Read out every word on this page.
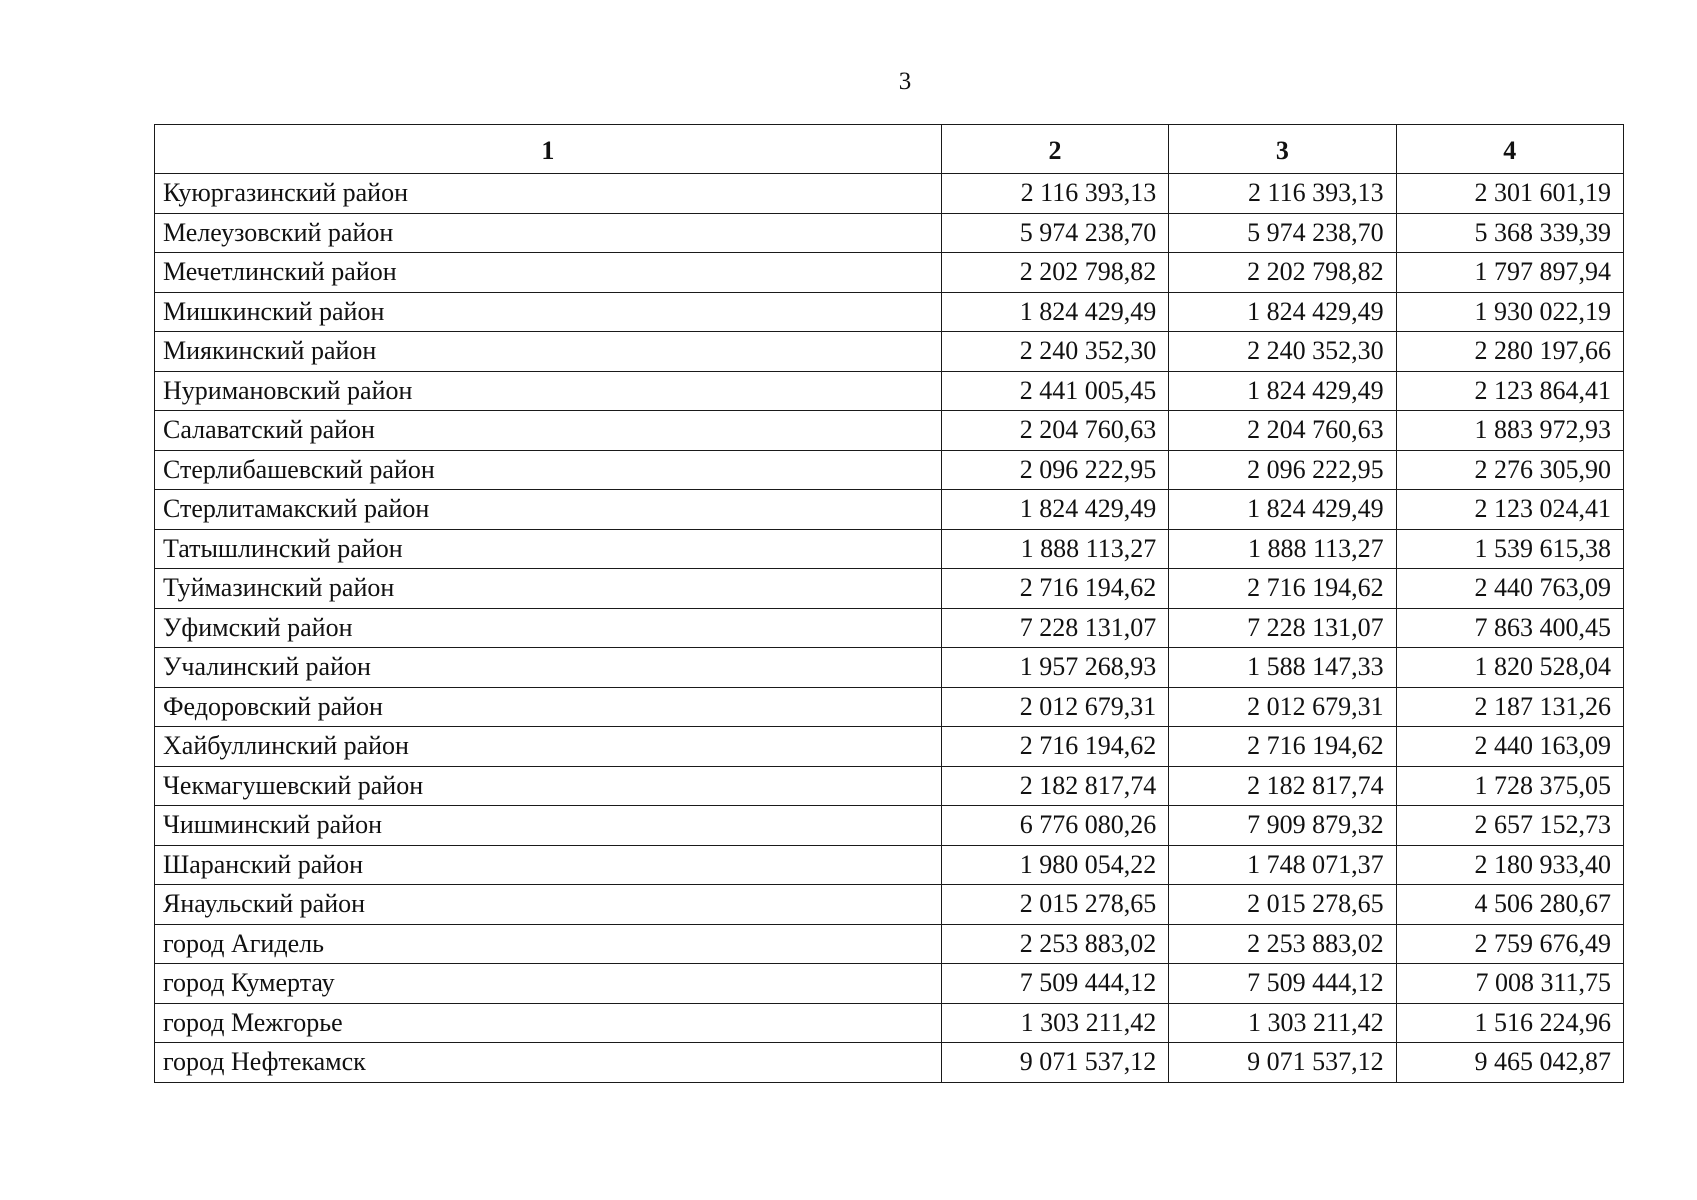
3
1	2	3	4
Куюргазинский район	2 116 393,13	2 116 393,13	2 301 601,19
Мелеузовский район	5 974 238,70	5 974 238,70	5 368 339,39
Мечетлинский район	2 202 798,82	2 202 798,82	1 797 897,94
Мишкинский район	1 824 429,49	1 824 429,49	1 930 022,19
Миякинский район	2 240 352,30	2 240 352,30	2 280 197,66
Нуримановский район	2 441 005,45	1 824 429,49	2 123 864,41
Салаватский район	2 204 760,63	2 204 760,63	1 883 972,93
Стерлибашевский район	2 096 222,95	2 096 222,95	2 276 305,90
Стерлитамакский район	1 824 429,49	1 824 429,49	2 123 024,41
Татышлинский район	1 888 113,27	1 888 113,27	1 539 615,38
Туймазинский район	2 716 194,62	2 716 194,62	2 440 763,09
Уфимский район	7 228 131,07	7 228 131,07	7 863 400,45
Учалинский район	1 957 268,93	1 588 147,33	1 820 528,04
Федоровский район	2 012 679,31	2 012 679,31	2 187 131,26
Хайбуллинский район	2 716 194,62	2 716 194,62	2 440 163,09
Чекмагушевский район	2 182 817,74	2 182 817,74	1 728 375,05
Чишминский район	6 776 080,26	7 909 879,32	2 657 152,73
Шаранский район	1 980 054,22	1 748 071,37	2 180 933,40
Янаульский район	2 015 278,65	2 015 278,65	4 506 280,67
город Агидель	2 253 883,02	2 253 883,02	2 759 676,49
город Кумертау	7 509 444,12	7 509 444,12	7 008 311,75
город Межгорье	1 303 211,42	1 303 211,42	1 516 224,96
город Нефтекамск	9 071 537,12	9 071 537,12	9 465 042,87
